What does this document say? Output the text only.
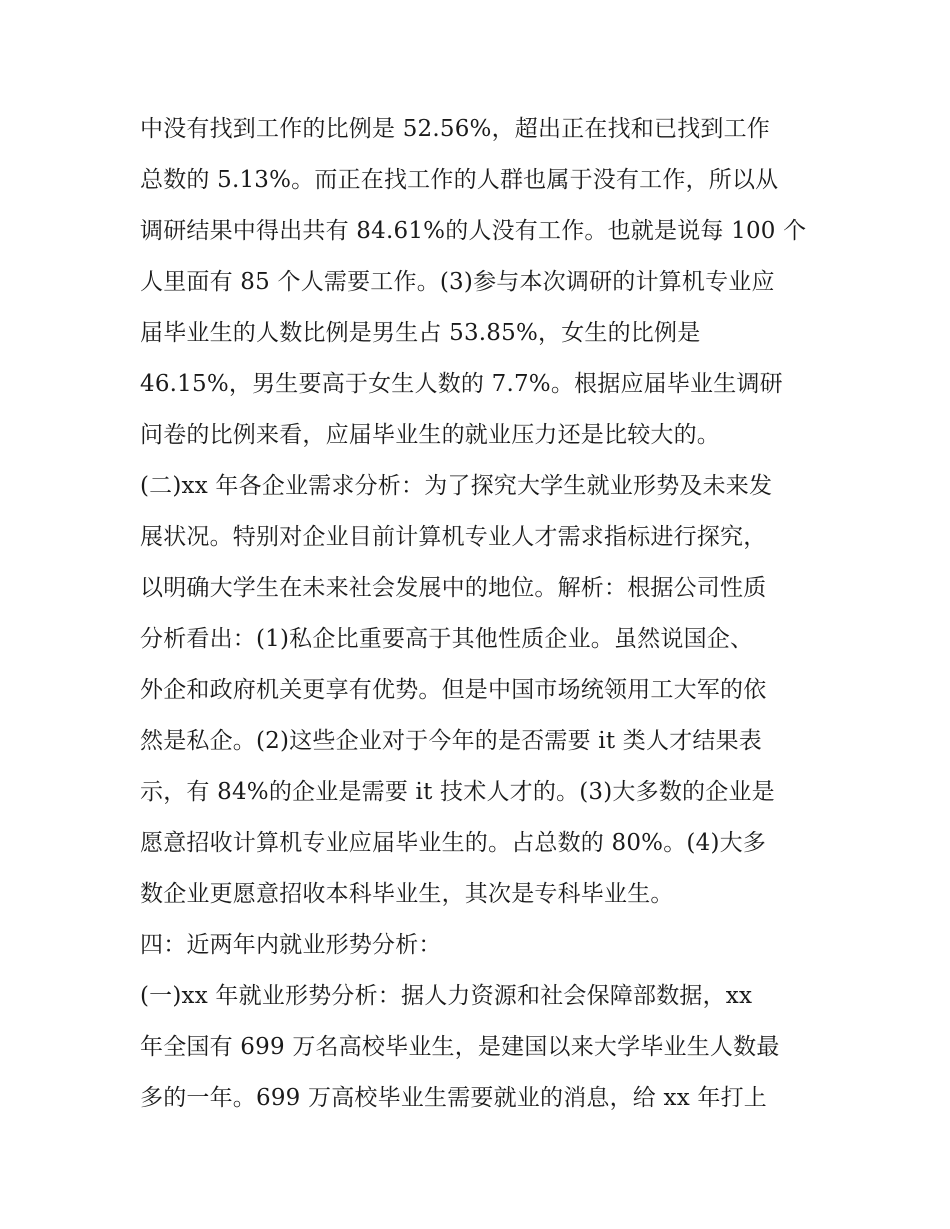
中没有找到工作的比例是 52.56%，超出正在找和已找到工作
总数的 5.13%。而正在找工作的人群也属于没有工作，所以从
调研结果中得出共有 84.61%的人没有工作。也就是说每 100 个
人里面有 85 个人需要工作。(3)参与本次调研的计算机专业应
届毕业生的人数比例是男生占 53.85%，女生的比例是
46.15%，男生要高于女生人数的 7.7%。根据应届毕业生调研
问卷的比例来看，应届毕业生的就业压力还是比较大的。
(二)xx 年各企业需求分析：为了探究大学生就业形势及未来发
展状况。特别对企业目前计算机专业人才需求指标进行探究，
以明确大学生在未来社会发展中的地位。解析：根据公司性质
分析看出：(1)私企比重要高于其他性质企业。虽然说国企、
外企和政府机关更享有优势。但是中国市场统领用工大军的依
然是私企。(2)这些企业对于今年的是否需要 it 类人才结果表
示，有 84%的企业是需要 it 技术人才的。(3)大多数的企业是
愿意招收计算机专业应届毕业生的。占总数的 80%。(4)大多
数企业更愿意招收本科毕业生，其次是专科毕业生。
四：近两年内就业形势分析：
(一)xx 年就业形势分析：据人力资源和社会保障部数据，xx
年全国有 699 万名高校毕业生，是建国以来大学毕业生人数最
多的一年。699 万高校毕业生需要就业的消息，给 xx 年打上
